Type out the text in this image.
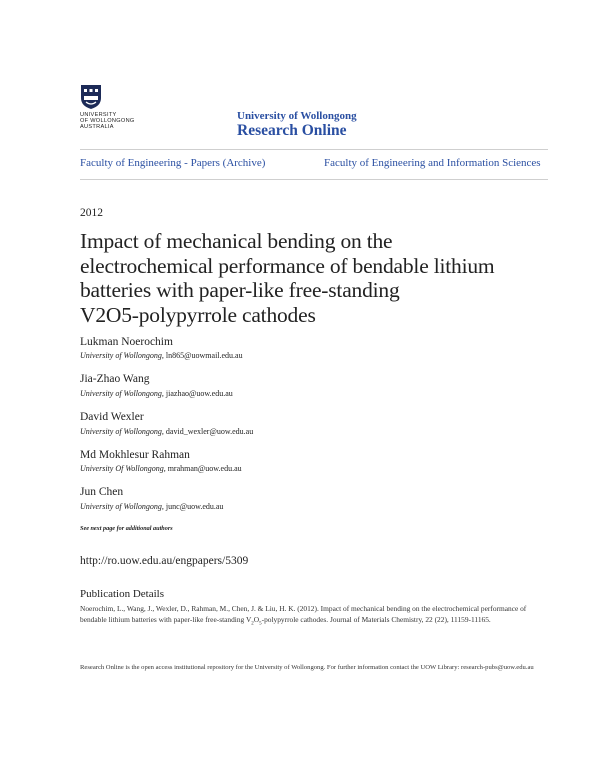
UNIVERSITY
OF WOLLONGONG
AUSTRALIA
University of Wollongong
Research Online
Faculty of Engineering - Papers (Archive)	Faculty of Engineering and Information Sciences
2012
Impact of mechanical bending on the
electrochemical performance of bendable lithium
batteries with paper-like free-standing
V2O5-polypyrrole cathodes
Lukman Noerochim
University of Wollongong, ln865@uowmail.edu.au
Jia-Zhao Wang
University of Wollongong, jiazhao@uow.edu.au
David Wexler
University of Wollongong, david_wexler@uow.edu.au
Md Mokhlesur Rahman
University Of Wollongong, mrahman@uow.edu.au
Jun Chen
University of Wollongong, junc@uow.edu.au
See next page for additional authors
http://ro.uow.edu.au/engpapers/5309
Publication Details
Noerochim, L., Wang, J., Wexler, D., Rahman, M., Chen, J. & Liu, H. K. (2012). Impact of mechanical bending on the electrochemical performance of bendable lithium batteries with paper-like free-standing $V_2O_5$-polypyrrole cathodes. Journal of Materials Chemistry, 22 (22), 11159-11165.
Research Online is the open access institutional repository for the University of Wollongong. For further information contact the UOW Library: research-pubs@uow.edu.au
